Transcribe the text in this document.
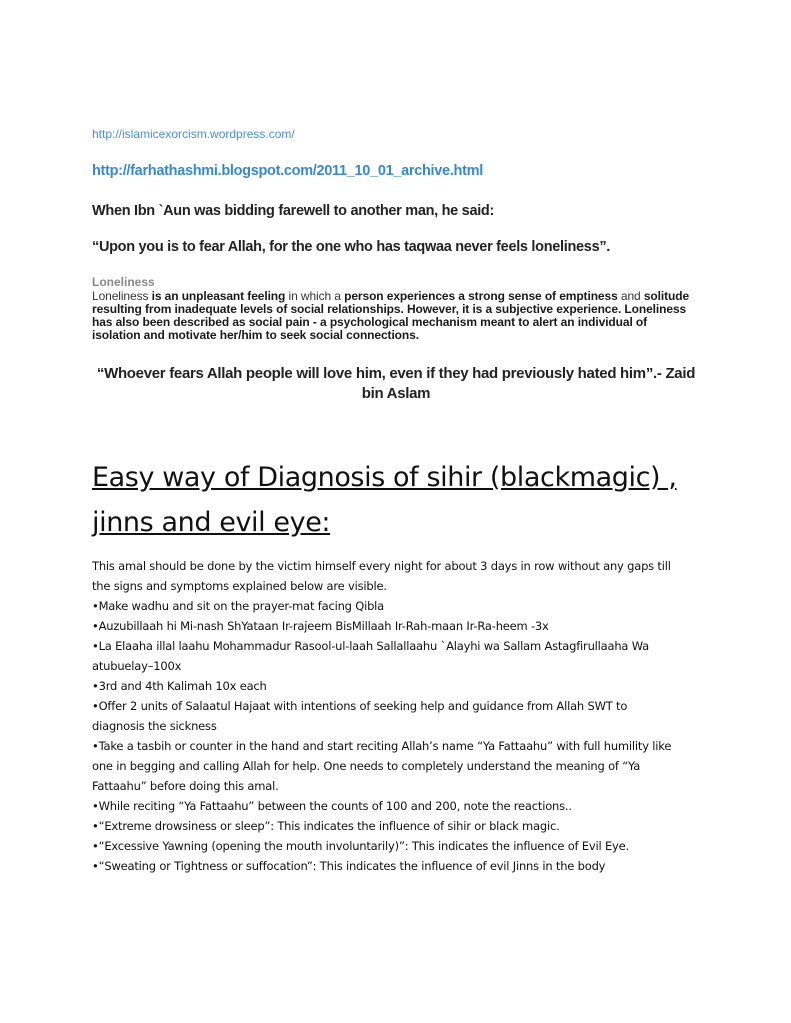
http://islamicexorcism.wordpress.com/
http://farhathashmi.blogspot.com/2011_10_01_archive.html
When Ibn `Aun was bidding farewell to another man, he said:
“Upon you is to fear Allah, for the one who has taqwaa never feels loneliness”.
Loneliness
Loneliness is an unpleasant feeling in which a person experiences a strong sense of emptiness and solitude resulting from inadequate levels of social relationships. However, it is a subjective experience. Loneliness has also been described as social pain - a psychological mechanism meant to alert an individual of isolation and motivate her/him to seek social connections.
“Whoever fears Allah people will love him, even if they had previously hated him”.- Zaid
bin Aslam
Easy way of Diagnosis of sihir (blackmagic) ,
jinns and evil eye:
This amal should be done by the victim himself every night for about 3 days in row without any gaps till
the signs and symptoms explained below are visible.
•Make wadhu and sit on the prayer-mat facing Qibla
•Auzubillaah hi Mi-nash ShYataan Ir-rajeem BisMillaah Ir-Rah-maan Ir-Ra-heem -3x
•La Elaaha illal laahu Mohammadur Rasool-ul-laah Sallallaahu `Alayhi wa Sallam Astagfirullaaha Wa
atubuelay–100x
•3rd and 4th Kalimah 10x each
•Offer 2 units of Salaatul Hajaat with intentions of seeking help and guidance from Allah SWT to
diagnosis the sickness
•Take a tasbih or counter in the hand and start reciting Allah’s name “Ya Fattaahu” with full humility like
one in begging and calling Allah for help. One needs to completely understand the meaning of “Ya
Fattaahu” before doing this amal.
•While reciting “Ya Fattaahu” between the counts of 100 and 200, note the reactions..
•“Extreme drowsiness or sleep”: This indicates the influence of sihir or black magic.
•“Excessive Yawning (opening the mouth involuntarily)”: This indicates the influence of Evil Eye.
•“Sweating or Tightness or suffocation”: This indicates the influence of evil Jinns in the body
